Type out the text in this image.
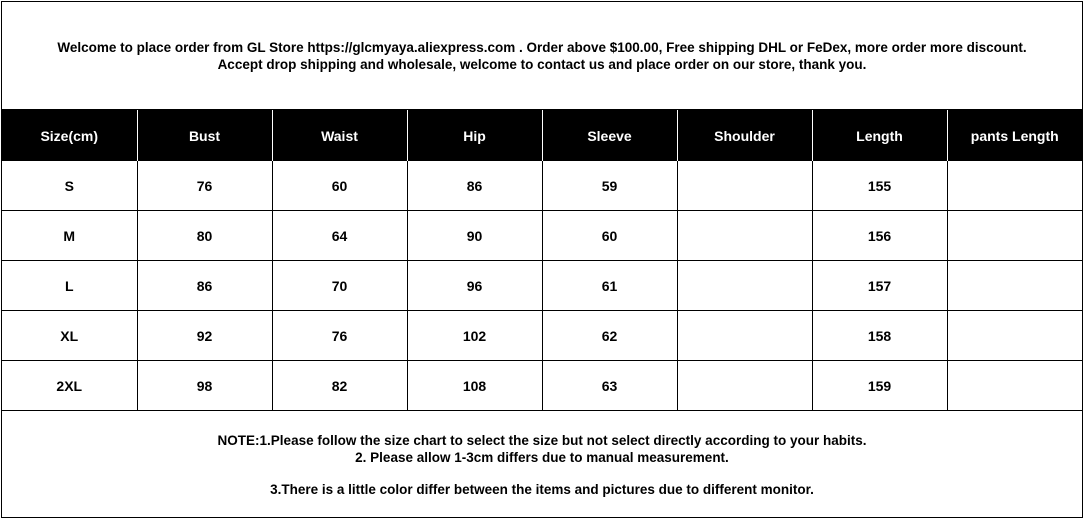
Welcome to place order from GL Store https://glcmyaya.aliexpress.com . Order above $100.00, Free shipping DHL or FeDex, more order more discount.
Accept drop shipping and wholesale, welcome to contact us and place order on our store, thank you.
Size(cm)	Bust	Waist	Hip	Sleeve	Shoulder	Length	pants Length
S	76	60	86	59		155	
M	80	64	90	60		156	
L	86	70	96	61		157	
XL	92	76	102	62		158	
2XL	98	82	108	63		159	
NOTE:1.Please follow the size chart to select the size but not select directly according to your habits.
2. Please allow 1-3cm differs due to manual measurement.
3.There is a little color differ between the items and pictures due to different monitor.
